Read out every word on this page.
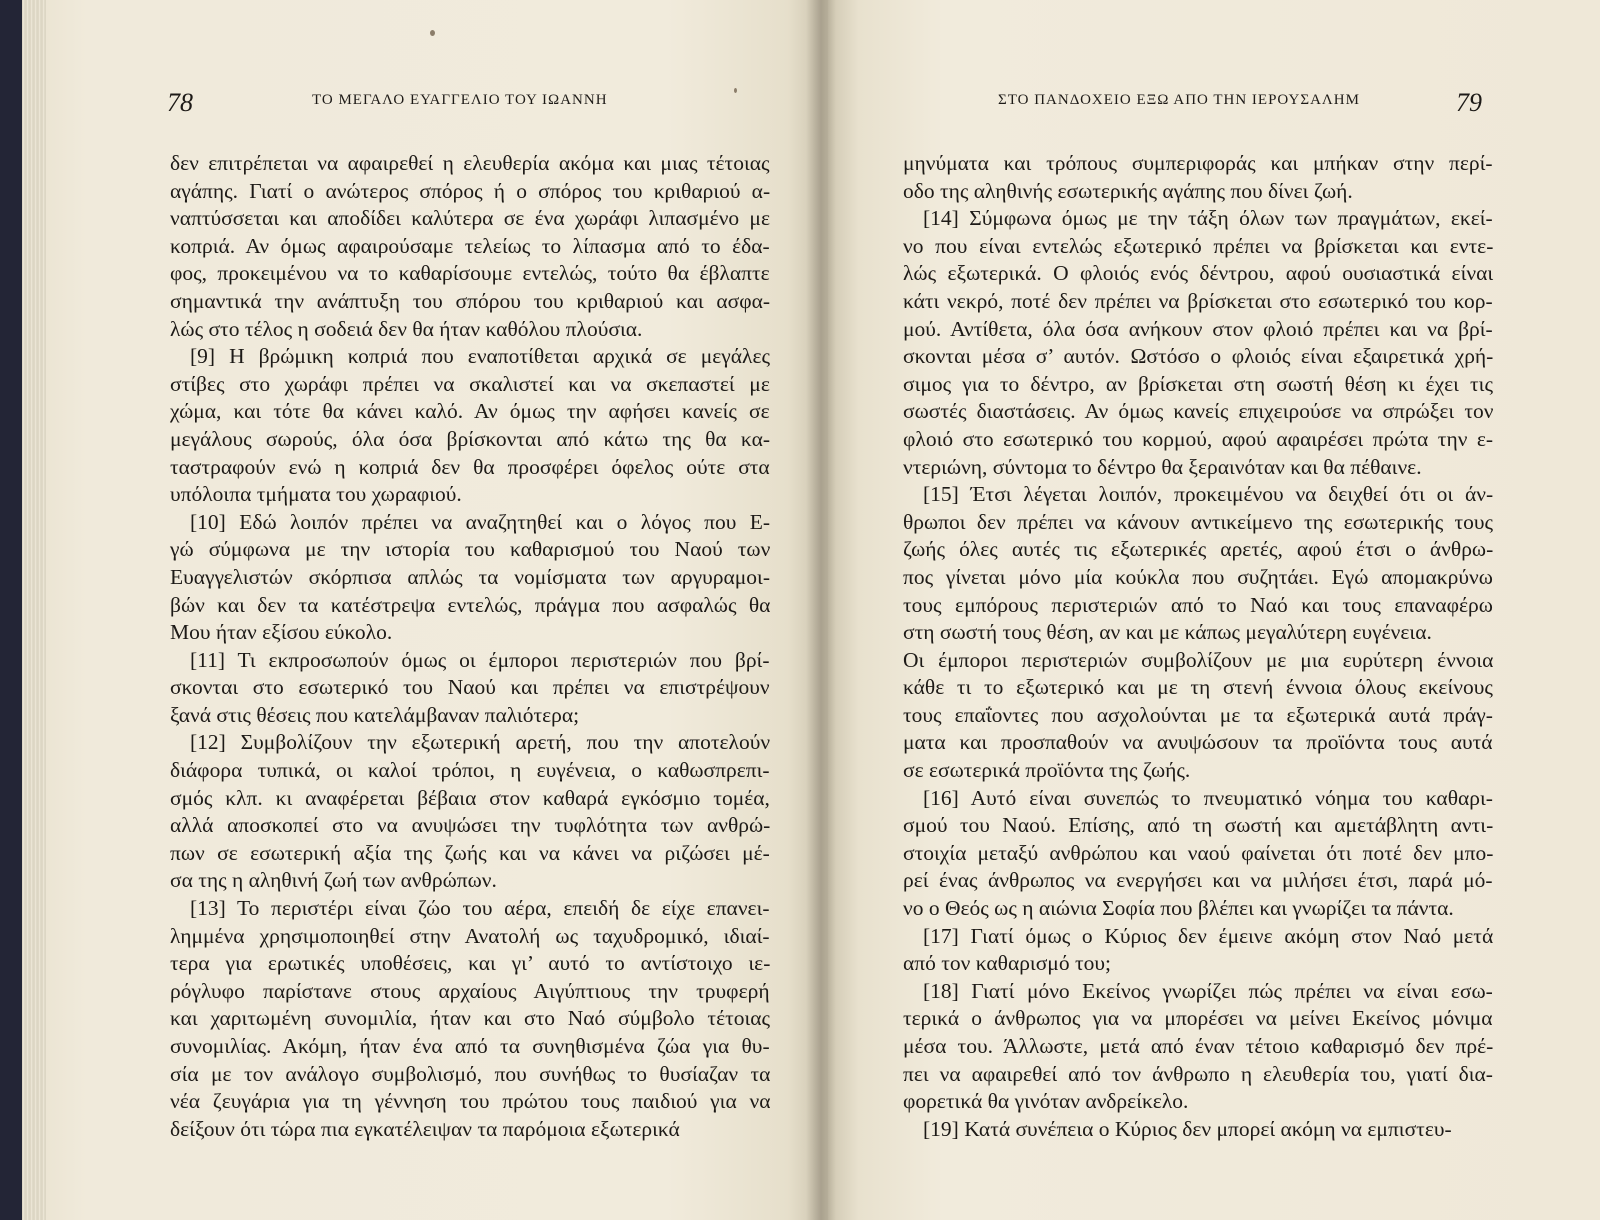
78	ΤΟ ΜΕΓΑΛΟ ΕΥΑΓΓΕΛΙΟ ΤΟΥ ΙΩΑΝΝΗ
δεν επιτρέπεται να αφαιρεθεί η ελευθερία ακόμα και μιας τέτοιας
αγάπης. Γιατί ο ανώτερος σπόρος ή ο σπόρος του κριθαριού α-
ναπτύσσεται και αποδίδει καλύτερα σε ένα χωράφι λιπασμένο με
κοπριά. Αν όμως αφαιρούσαμε τελείως το λίπασμα από το έδα-
φος, προκειμένου να το καθαρίσουμε εντελώς, τούτο θα έβλαπτε
σημαντικά την ανάπτυξη του σπόρου του κριθαριού και ασφα-
λώς στο τέλος η σοδειά δεν θα ήταν καθόλου πλούσια.
[9] Η βρώμικη κοπριά που εναποτίθεται αρχικά σε μεγάλες
στίβες στο χωράφι πρέπει να σκαλιστεί και να σκεπαστεί με
χώμα, και τότε θα κάνει καλό. Αν όμως την αφήσει κανείς σε
μεγάλους σωρούς, όλα όσα βρίσκονται από κάτω της θα κα-
ταστραφούν ενώ η κοπριά δεν θα προσφέρει όφελος ούτε στα
υπόλοιπα τμήματα του χωραφιού.
[10] Εδώ λοιπόν πρέπει να αναζητηθεί και ο λόγος που Ε-
γώ σύμφωνα με την ιστορία του καθαρισμού του Ναού των
Ευαγγελιστών σκόρπισα απλώς τα νομίσματα των αργυραμοι-
βών και δεν τα κατέστρεψα εντελώς, πράγμα που ασφαλώς θα
Μου ήταν εξίσου εύκολο.
[11] Τι εκπροσωπούν όμως οι έμποροι περιστεριών που βρί-
σκονται στο εσωτερικό του Ναού και πρέπει να επιστρέψουν
ξανά στις θέσεις που κατελάμβαναν παλιότερα;
[12] Συμβολίζουν την εξωτερική αρετή, που την αποτελούν
διάφορα τυπικά, οι καλοί τρόποι, η ευγένεια, ο καθωσπρεπι-
σμός κλπ. κι αναφέρεται βέβαια στον καθαρά εγκόσμιο τομέα,
αλλά αποσκοπεί στο να ανυψώσει την τυφλότητα των ανθρώ-
πων σε εσωτερική αξία της ζωής και να κάνει να ριζώσει μέ-
σα της η αληθινή ζωή των ανθρώπων.
[13] Το περιστέρι είναι ζώο του αέρα, επειδή δε είχε επανει-
λημμένα χρησιμοποιηθεί στην Ανατολή ως ταχυδρομικό, ιδιαί-
τερα για ερωτικές υποθέσεις, και γι’ αυτό το αντίστοιχο ιε-
ρόγλυφο παρίστανε στους αρχαίους Αιγύπτιους την τρυφερή
και χαριτωμένη συνομιλία, ήταν και στο Ναό σύμβολο τέτοιας
συνομιλίας. Ακόμη, ήταν ένα από τα συνηθισμένα ζώα για θυ-
σία με τον ανάλογο συμβολισμό, που συνήθως το θυσίαζαν τα
νέα ζευγάρια για τη γέννηση του πρώτου τους παιδιού για να
δείξουν ότι τώρα πια εγκατέλειψαν τα παρόμοια εξωτερικά
ΣΤΟ ΠΑΝΔΟΧΕΙΟ ΕΞΩ ΑΠΟ ΤΗΝ ΙΕΡΟΥΣΑΛΗΜ	79
μηνύματα και τρόπους συμπεριφοράς και μπήκαν στην περί-
οδο της αληθινής εσωτερικής αγάπης που δίνει ζωή.
[14] Σύμφωνα όμως με την τάξη όλων των πραγμάτων, εκεί-
νο που είναι εντελώς εξωτερικό πρέπει να βρίσκεται και εντε-
λώς εξωτερικά. Ο φλοιός ενός δέντρου, αφού ουσιαστικά είναι
κάτι νεκρό, ποτέ δεν πρέπει να βρίσκεται στο εσωτερικό του κορ-
μού. Αντίθετα, όλα όσα ανήκουν στον φλοιό πρέπει και να βρί-
σκονται μέσα σ’ αυτόν. Ωστόσο ο φλοιός είναι εξαιρετικά χρή-
σιμος για το δέντρο, αν βρίσκεται στη σωστή θέση κι έχει τις
σωστές διαστάσεις. Αν όμως κανείς επιχειρούσε να σπρώξει τον
φλοιό στο εσωτερικό του κορμού, αφού αφαιρέσει πρώτα την ε-
ντεριώνη, σύντομα το δέντρο θα ξεραινόταν και θα πέθαινε.
[15] Έτσι λέγεται λοιπόν, προκειμένου να δειχθεί ότι οι άν-
θρωποι δεν πρέπει να κάνουν αντικείμενο της εσωτερικής τους
ζωής όλες αυτές τις εξωτερικές αρετές, αφού έτσι ο άνθρω-
πος γίνεται μόνο μία κούκλα που συζητάει. Εγώ απομακρύνω
τους εμπόρους περιστεριών από το Ναό και τους επαναφέρω
στη σωστή τους θέση, αν και με κάπως μεγαλύτερη ευγένεια.
Οι έμποροι περιστεριών συμβολίζουν με μια ευρύτερη έννοια
κάθε τι το εξωτερικό και με τη στενή έννοια όλους εκείνους
τους επαΐοντες που ασχολούνται με τα εξωτερικά αυτά πράγ-
ματα και προσπαθούν να ανυψώσουν τα προϊόντα τους αυτά
σε εσωτερικά προϊόντα της ζωής.
[16] Αυτό είναι συνεπώς το πνευματικό νόημα του καθαρι-
σμού του Ναού. Επίσης, από τη σωστή και αμετάβλητη αντι-
στοιχία μεταξύ ανθρώπου και ναού φαίνεται ότι ποτέ δεν μπο-
ρεί ένας άνθρωπος να ενεργήσει και να μιλήσει έτσι, παρά μό-
νο ο Θεός ως η αιώνια Σοφία που βλέπει και γνωρίζει τα πάντα.
[17] Γιατί όμως ο Κύριος δεν έμεινε ακόμη στον Ναό μετά
από τον καθαρισμό του;
[18] Γιατί μόνο Εκείνος γνωρίζει πώς πρέπει να είναι εσω-
τερικά ο άνθρωπος για να μπορέσει να μείνει Εκείνος μόνιμα
μέσα του. Άλλωστε, μετά από έναν τέτοιο καθαρισμό δεν πρέ-
πει να αφαιρεθεί από τον άνθρωπο η ελευθερία του, γιατί δια-
φορετικά θα γινόταν ανδρείκελο.
[19] Κατά συνέπεια ο Κύριος δεν μπορεί ακόμη να εμπιστευ-
